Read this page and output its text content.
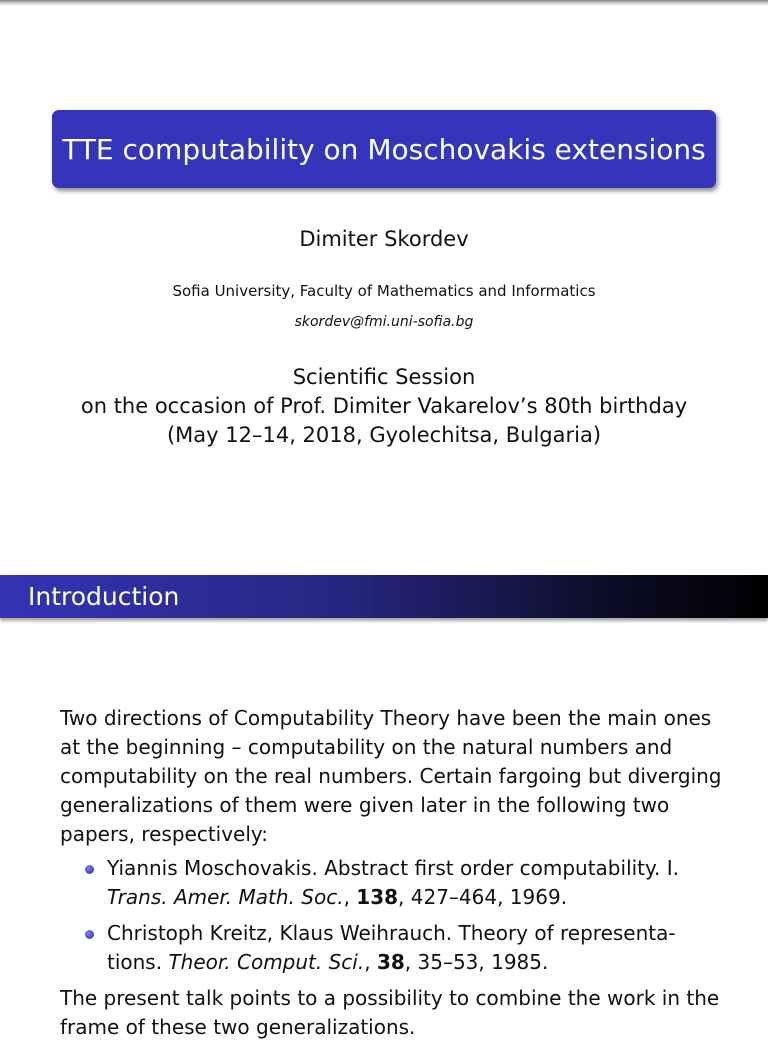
TTE computability on Moschovakis extensions
Dimiter Skordev
Sofia University, Faculty of Mathematics and Informatics
skordev@fmi.uni-sofia.bg
Scientific Session
on the occasion of Prof. Dimiter Vakarelov’s 80th birthday
(May 12–14, 2018, Gyolechitsa, Bulgaria)
Introduction

Two directions of Computability Theory have been the main ones
at the beginning – computability on the natural numbers and
computability on the real numbers. Certain fargoing but diverging
generalizations of them were given later in the following two
papers, respectively:

Yiannis Moschovakis. Abstract first order computability. I.
Trans. Amer. Math. Soc., 138, 427–464, 1969.
Christoph Kreitz, Klaus Weihrauch. Theory of representa-
tions. Theor. Comput. Sci., 38, 35–53, 1985.

The present talk points to a possibility to combine the work in the
frame of these two generalizations.
